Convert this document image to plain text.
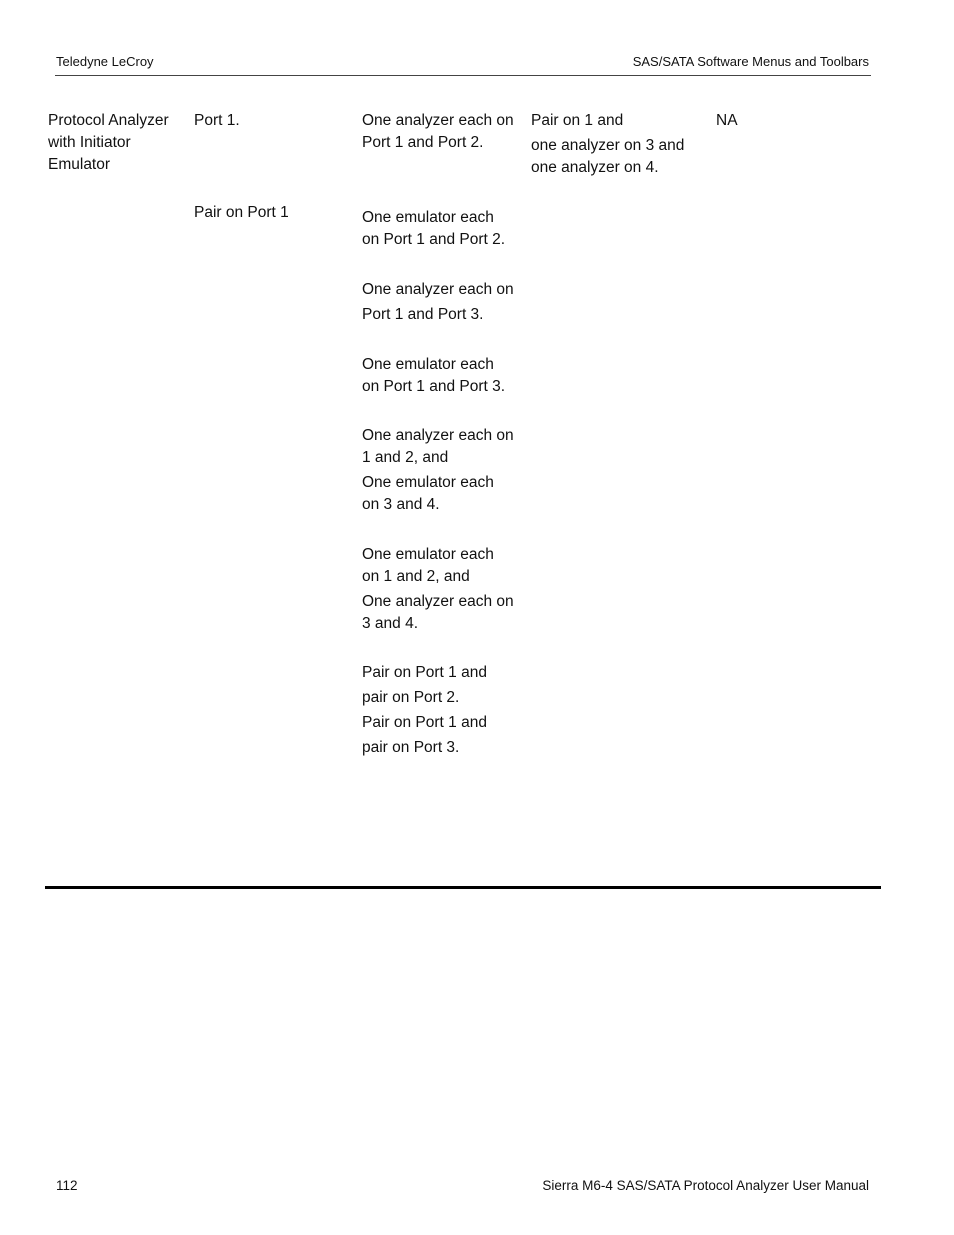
Teledyne LeCroy	SAS/SATA Software Menus and Toolbars
Protocol Analyzer
with Initiator
Emulator
Port 1.
Pair on Port 1
One analyzer each on
Port 1 and Port 2.
One emulator each
on Port 1 and Port 2.
One analyzer each on
Port 1 and Port 3.
One emulator each
on Port 1 and Port 3.
One analyzer each on
1 and 2, and
One emulator each
on 3 and 4.
One emulator each
on 1 and 2, and
One analyzer each on
3 and 4.
Pair on Port 1 and
pair on Port 2.
Pair on Port 1 and
pair on Port 3.
Pair on 1 and
one analyzer on 3 and
one analyzer on 4.
NA
112	Sierra M6-4 SAS/SATA Protocol Analyzer User Manual
